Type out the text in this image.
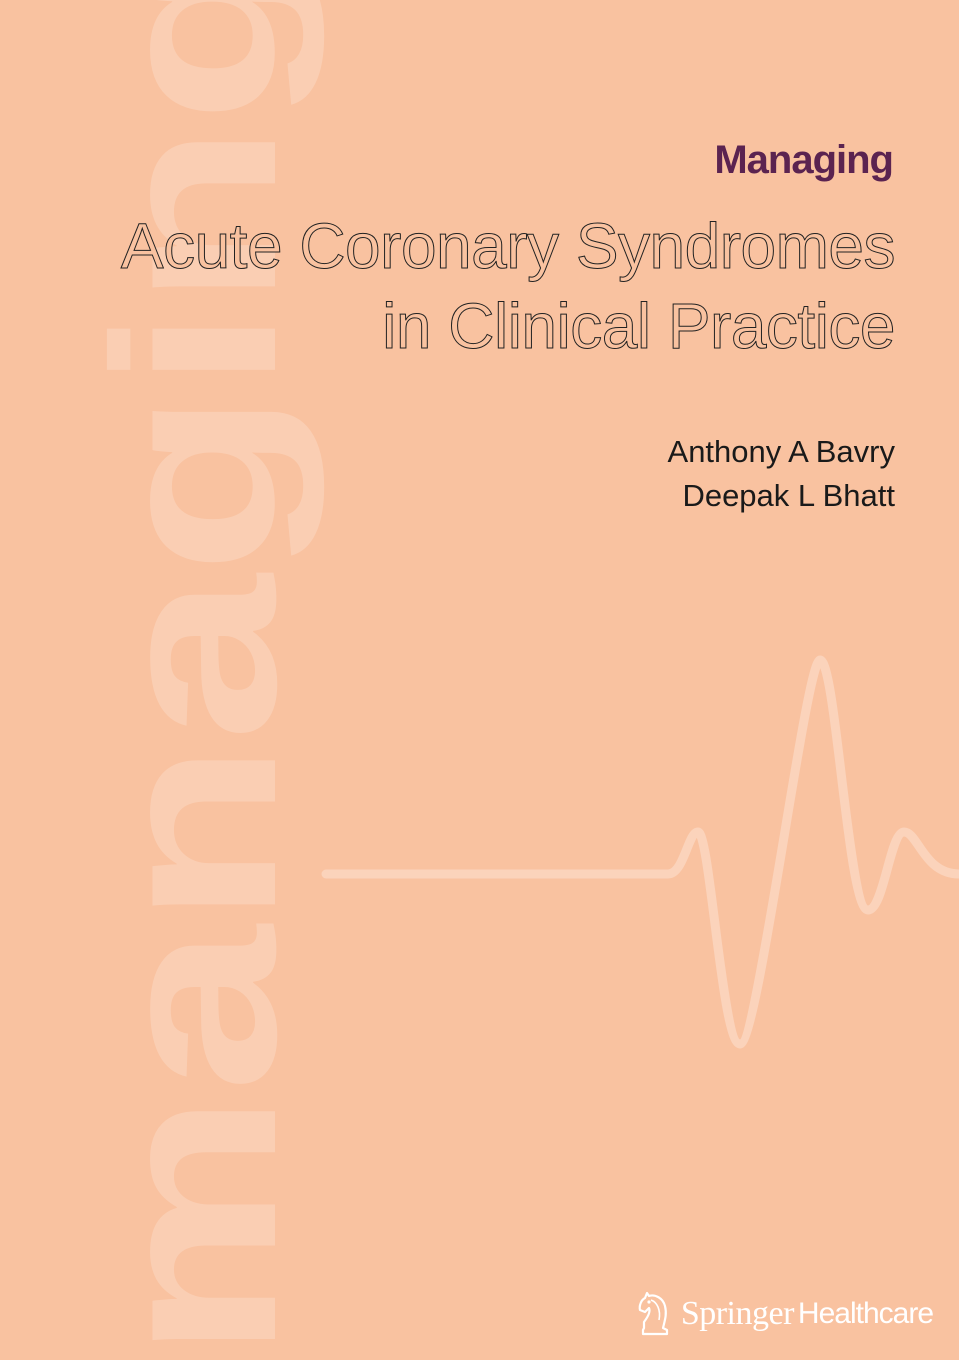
managing
Managing
Acute Coronary Syndromes
in Clinical Practice
Anthony A Bavry
Deepak L Bhatt
Springer Healthcare
